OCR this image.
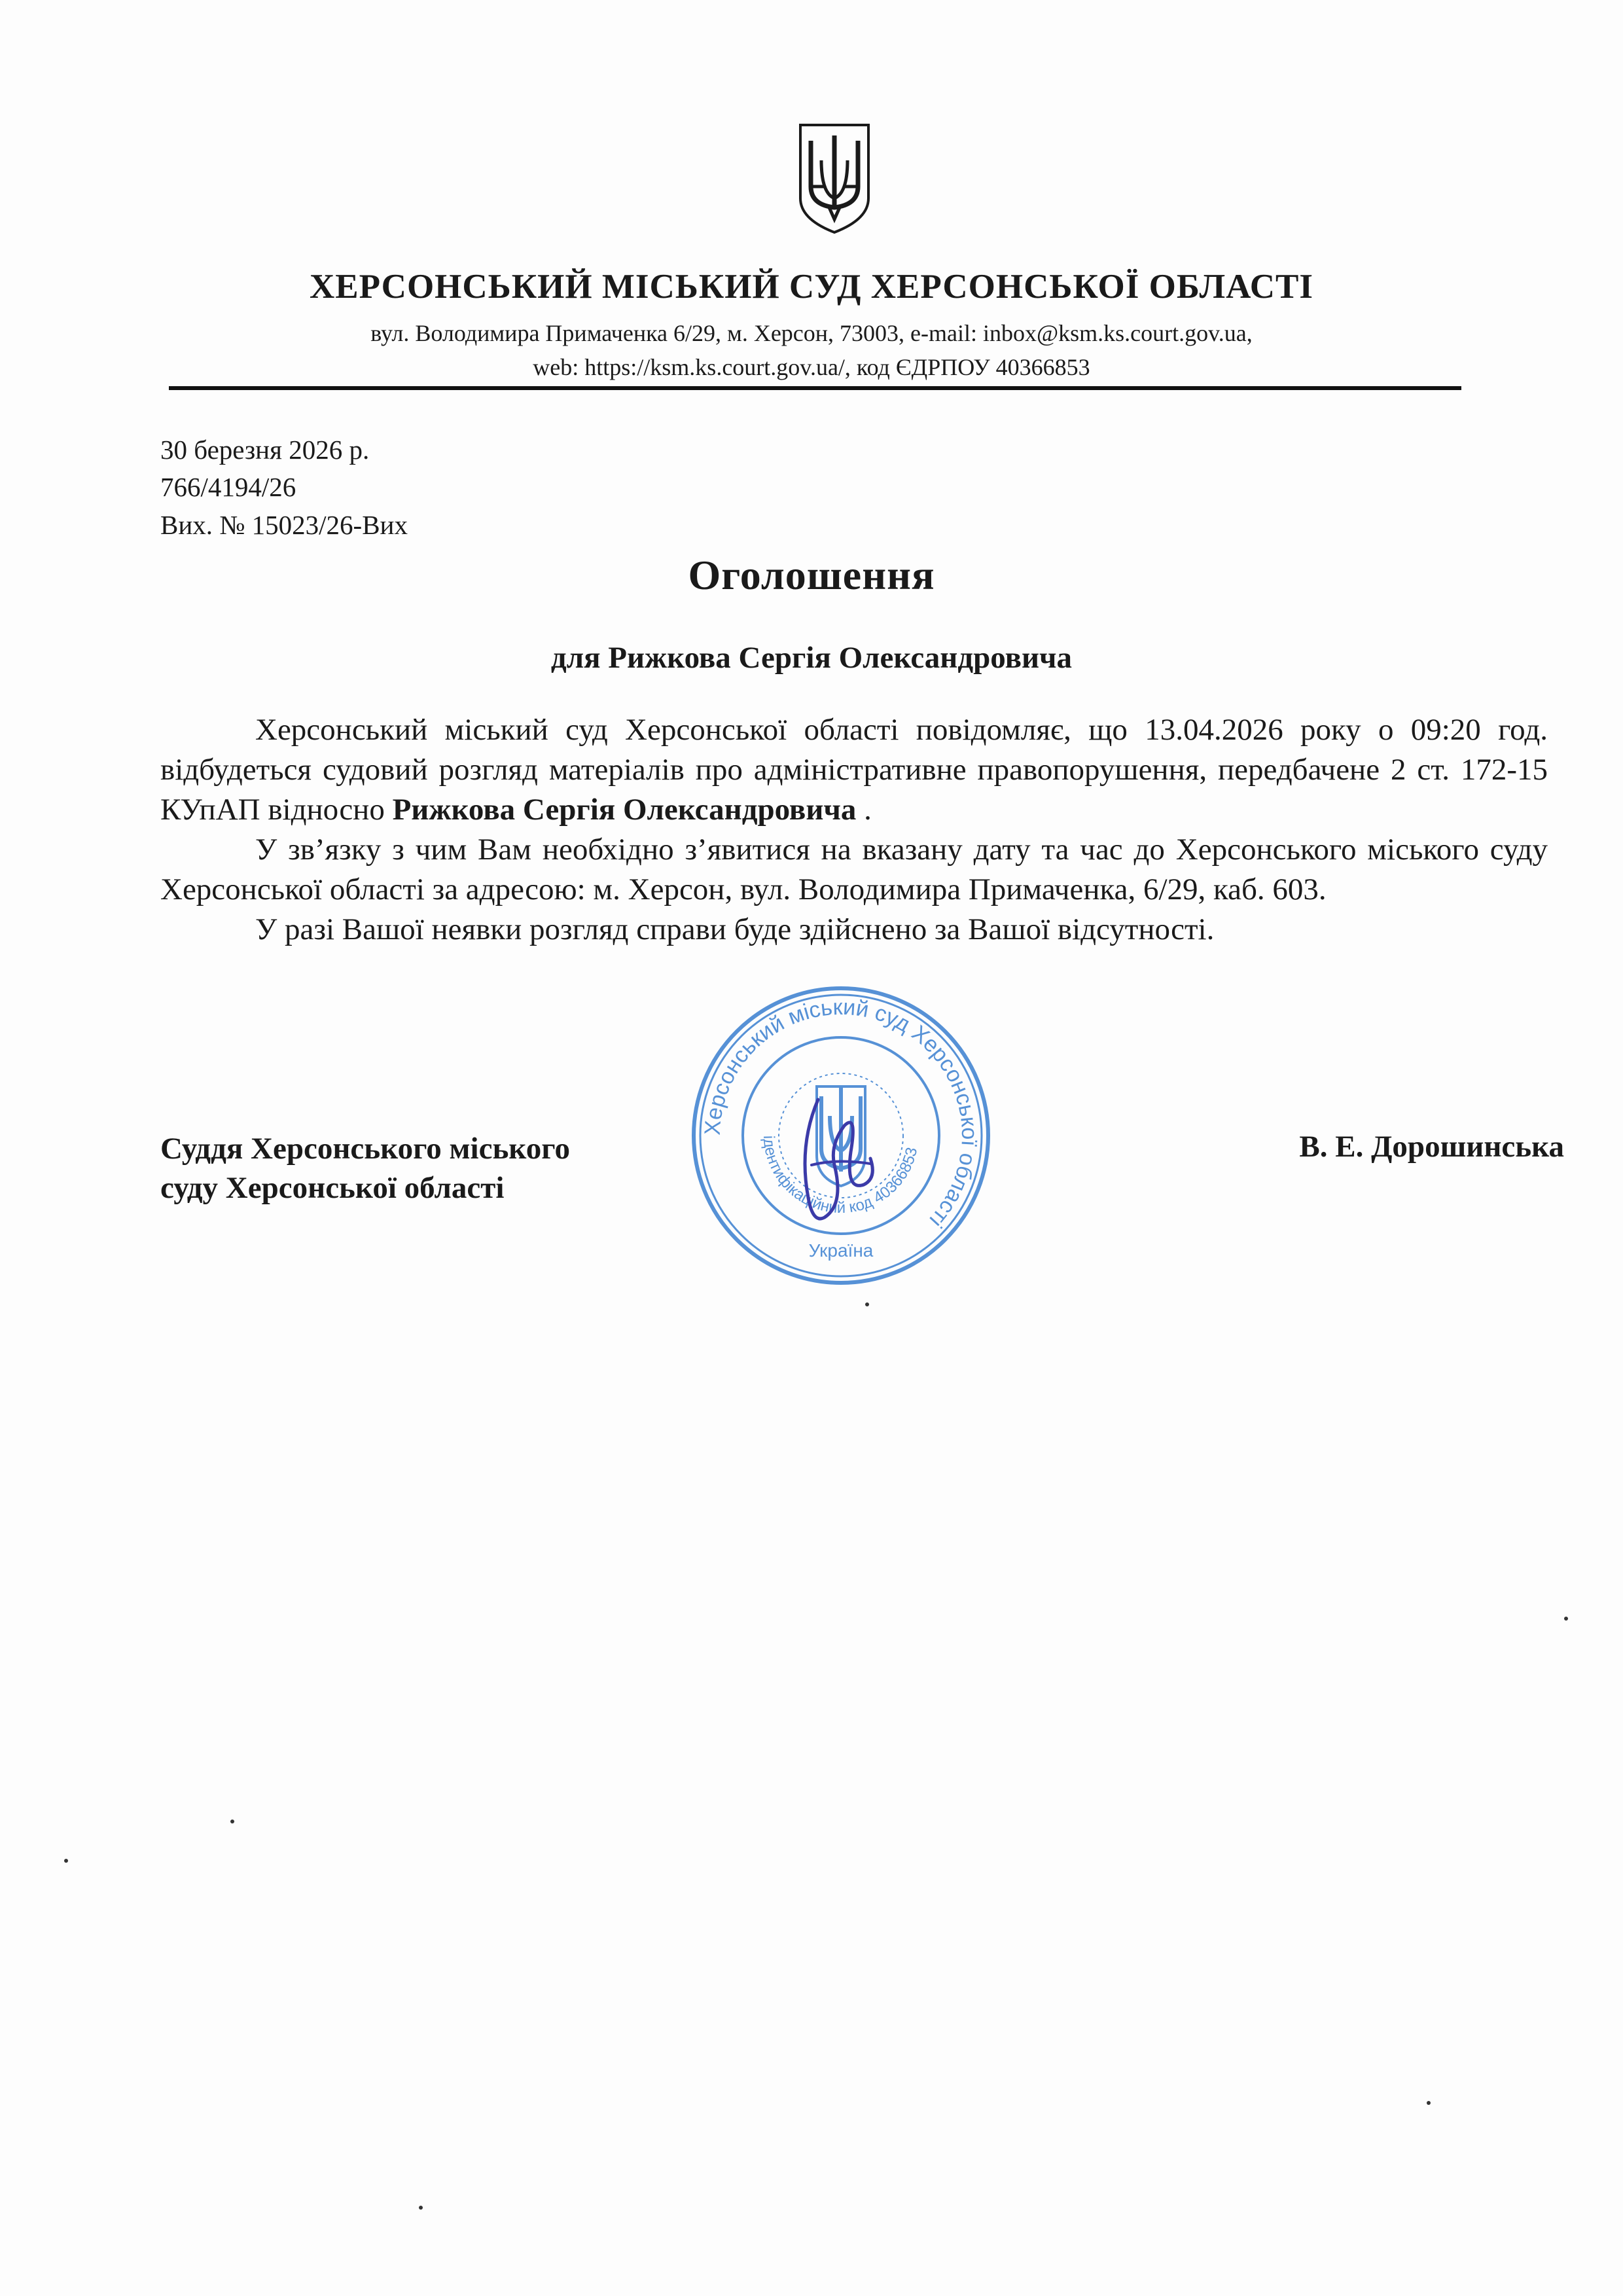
ХЕРСОНСЬКИЙ МІСЬКИЙ СУД ХЕРСОНСЬКОЇ ОБЛАСТІ
вул. Володимира Примаченка 6/29, м. Херсон, 73003, e-mail: inbox@ksm.ks.court.gov.ua,
web: https://ksm.ks.court.gov.ua/, код ЄДРПОУ 40366853
30 березня 2026 р.
766/4194/26
Вих. № 15023/26-Вих
Оголошення
для Рижкова Сергія Олександровича

Херсонський міський суд Херсонської області повідомляє, що 13.04.2026 року о 09:20 год. відбудеться судовий розгляд матеріалів про адміністративне правопорушення, передбачене 2 ст. 172-15 КУпАП відносно Рижкова Сергія Олександровича .

У зв’язку з чим Вам необхідно з’явитися на вказану дату та час до Херсонського міського суду Херсонської області за адресою: м. Херсон, вул. Володимира Примаченка, 6/29, каб. 603.

У разі Вашої неявки розгляд справи буде здійснено за Вашої відсутності.

Херсонський міський суд Херсонської області
ідентифікаційний код 40366853
Україна
Суддя Херсонського міського
суду Херсонської області
В. Е. Дорошинська
